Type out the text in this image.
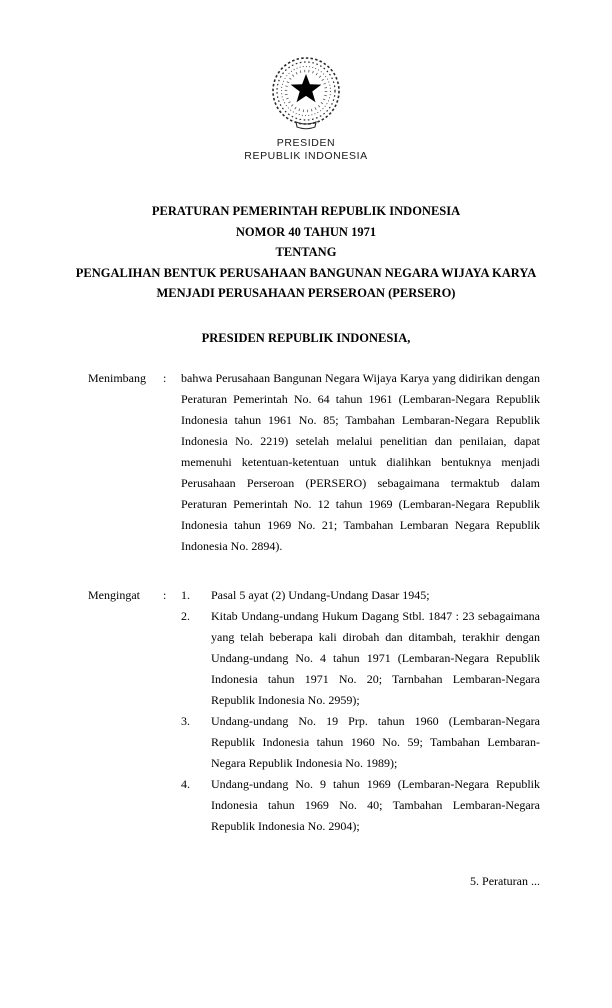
PRESIDEN
REPUBLIK INDONESIA
PERATURAN PEMERINTAH REPUBLIK INDONESIA
NOMOR 40 TAHUN 1971
TENTANG
PENGALIHAN BENTUK PERUSAHAAN BANGUNAN NEGARA WIJAYA KARYA
MENJADI PERUSAHAAN PERSEROAN (PERSERO)
PRESIDEN REPUBLIK INDONESIA,
Menimbang	:	bahwa Perusahaan Bangunan Negara Wijaya Karya yang didirikan dengan Peraturan Pemerintah No. 64 tahun 1961 (Lembaran-Negara Republik Indonesia tahun 1961 No. 85; Tambahan Lembaran-Negara Republik Indonesia No. 2219) setelah melalui penelitian dan penilaian, dapat memenuhi ketentuan-ketentuan untuk dialihkan bentuknya menjadi Perusahaan Perseroan (PERSERO) sebagaimana termaktub dalam Peraturan Pemerintah No. 12 tahun 1969 (Lembaran-Negara Republik Indonesia tahun 1969 No. 21; Tambahan Lembaran Negara Republik Indonesia No. 2894).
Mengingat	:	1.	Pasal 5 ayat (2) Undang-Undang Dasar 1945;
2.	Kitab Undang-undang Hukum Dagang Stbl. 1847 : 23 sebagaimana yang telah beberapa kali dirobah dan ditambah, terakhir dengan Undang-undang No. 4 tahun 1971 (Lembaran-Negara Republik Indonesia tahun 1971 No. 20; Tarnbahan Lembaran-Negara Republik Indonesia No. 2959);
3.	Undang-undang No. 19 Prp. tahun 1960 (Lembaran-Negara Republik Indonesia tahun 1960 No. 59; Tambahan Lembaran-Negara Republik Indonesia No. 1989);
4.	Undang-undang No. 9 tahun 1969 (Lembaran-Negara Republik Indonesia tahun 1969 No. 40; Tambahan Lembaran-Negara Republik Indonesia No. 2904);
5. Peraturan ...
